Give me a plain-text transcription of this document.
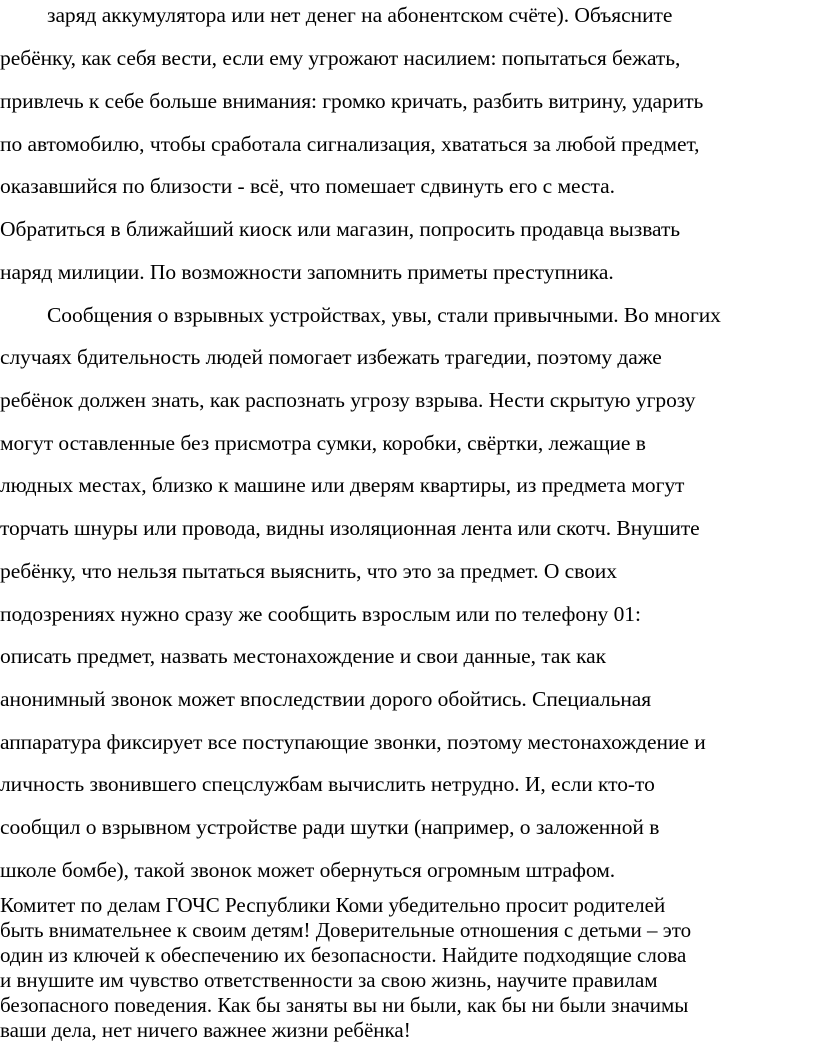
заряд аккумулятора или нет денег на абонентском счёте). Объясните
ребёнку, как себя вести, если ему угрожают насилием: попытаться бежать,
привлечь к себе больше внимания: громко кричать, разбить витрину, ударить
по автомобилю, чтобы сработала сигнализация, хвататься за любой предмет,
оказавшийся по близости - всё, что помешает сдвинуть его с места.
Обратиться в ближайший киоск или магазин, попросить продавца вызвать
наряд милиции. По возможности запомнить приметы преступника.
Сообщения о взрывных устройствах, увы, стали привычными. Во многих
случаях бдительность людей помогает избежать трагедии, поэтому даже
ребёнок должен знать, как распознать угрозу взрыва. Нести скрытую угрозу
могут оставленные без присмотра сумки, коробки, свёртки, лежащие в
людных местах, близко к машине или дверям квартиры, из предмета могут
торчать шнуры или провода, видны изоляционная лента или скотч. Внушите
ребёнку, что нельзя пытаться выяснить, что это за предмет. О своих
подозрениях нужно сразу же сообщить взрослым или по телефону 01:
описать предмет, назвать местонахождение и свои данные, так как
анонимный звонок может впоследствии дорого обойтись. Специальная
аппаратура фиксирует все поступающие звонки, поэтому местонахождение и
личность звонившего спецслужбам вычислить нетрудно. И, если кто-то
сообщил о взрывном устройстве ради шутки (например, о заложенной в
школе бомбе), такой звонок может обернуться огромным штрафом.
Комитет по делам ГОЧС Республики Коми убедительно просит родителей
быть внимательнее к своим детям! Доверительные отношения с детьми – это
один из ключей к обеспечению их безопасности. Найдите подходящие слова
и внушите им чувство ответственности за свою жизнь, научите правилам
безопасного поведения. Как бы заняты вы ни были, как бы ни были значимы
ваши дела, нет ничего важнее жизни ребёнка!
